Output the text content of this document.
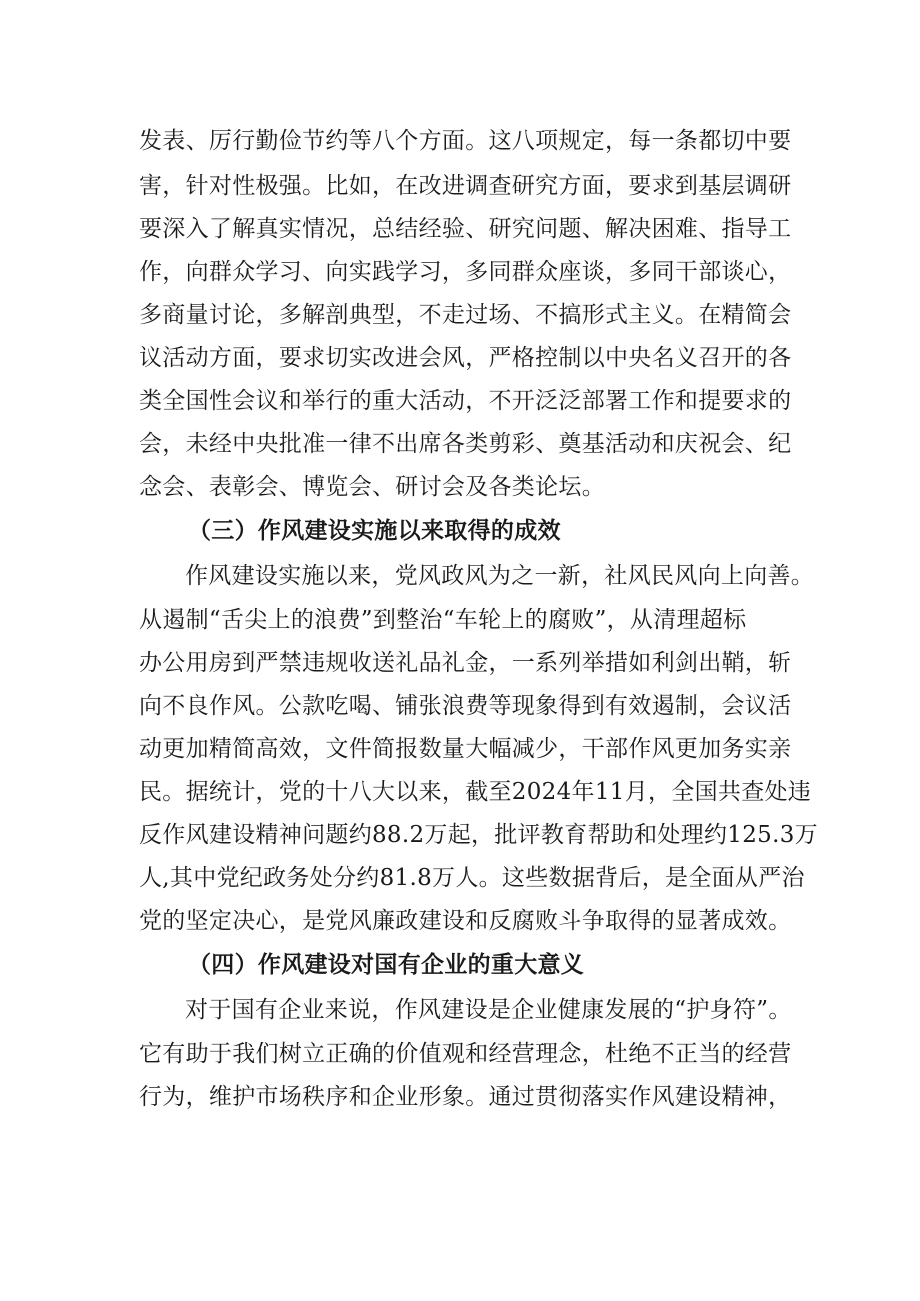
发表、厉行勤俭节约等八个方面。这八项规定，每一条都切中要
害，针对性极强。比如，在改进调查研究方面，要求到基层调研
要深入了解真实情况，总结经验、研究问题、解决困难、指导工
作，向群众学习、向实践学习，多同群众座谈，多同干部谈心，
多商量讨论，多解剖典型，不走过场、不搞形式主义。在精简会
议活动方面，要求切实改进会风，严格控制以中央名义召开的各
类全国性会议和举行的重大活动，不开泛泛部署工作和提要求的
会，未经中央批准一律不出席各类剪彩、奠基活动和庆祝会、纪
念会、表彰会、博览会、研讨会及各类论坛。
（三）作风建设实施以来取得的成效
作风建设实施以来，党风政风为之一新，社风民风向上向善。
从遏制“舌尖上的浪费”到整治“车轮上的腐败”，从清理超标
办公用房到严禁违规收送礼品礼金，一系列举措如利剑出鞘，斩
向不良作风。公款吃喝、铺张浪费等现象得到有效遏制，会议活
动更加精简高效，文件简报数量大幅减少，干部作风更加务实亲
民。据统计，党的十八大以来，截至2024年11月，全国共查处违
反作风建设精神问题约88.2万起，批评教育帮助和处理约125.3万
人,其中党纪政务处分约81.8万人。这些数据背后，是全面从严治
党的坚定决心，是党风廉政建设和反腐败斗争取得的显著成效。
（四）作风建设对国有企业的重大意义
对于国有企业来说，作风建设是企业健康发展的“护身符”。
它有助于我们树立正确的价值观和经营理念，杜绝不正当的经营
行为，维护市场秩序和企业形象。通过贯彻落实作风建设精神，
